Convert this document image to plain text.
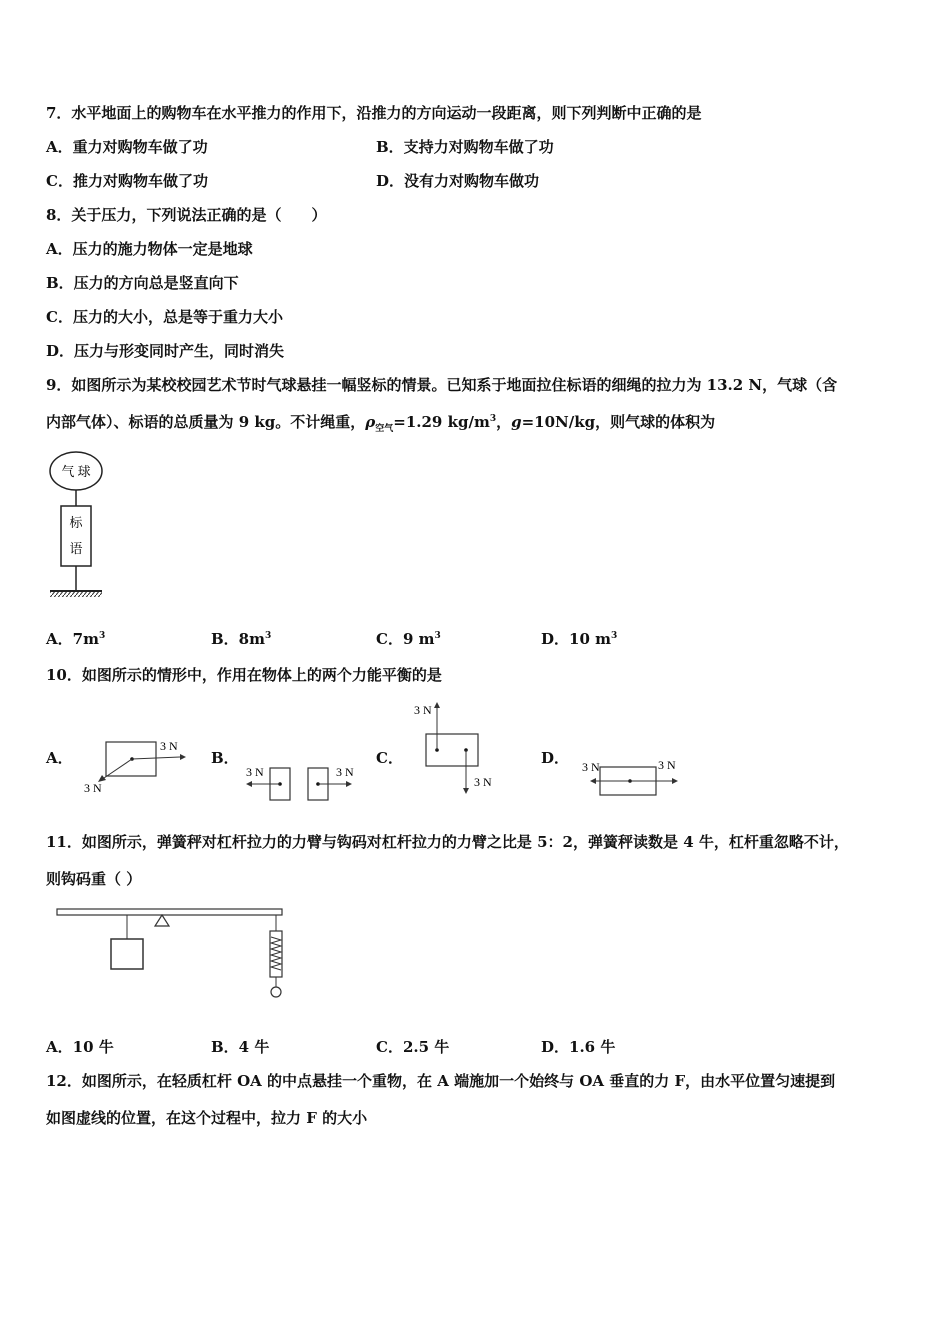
7．水平地面上的购物车在水平推力的作用下，沿推力的方向运动一段距离，则下列判断中正确的是
A．重力对购物车做了功	B．支持力对购物车做了功
C．推力对购物车做了功	D．没有力对购物车做功
8．关于压力，下列说法正确的是（　　）
A．压力的施力物体一定是地球
B．压力的方向总是竖直向下
C．压力的大小，总是等于重力大小
D．压力与形变同时产生，同时消失
9．如图所示为某校校园艺术节时气球悬挂一幅竖标的情景。已知系于地面拉住标语的细绳的拉力为 13.2 N，气球（含
内部气体）、标语的总质量为 9 kg。不计绳重，$\rho_{空气}=1.29$ $kg/m^3$，g=10N/kg，则气球的体积为
气 球
标
语
A．$7m^3$	B．$8m^3$	C．9 $m^3$	D．10 $m^3$
10．如图所示的情形中，作用在物体上的两个力能平衡的是
A．
3 N
3 N
B．
3 N	3 N
C．
3 N
3 N
D． 3 N	3 N
11．如图所示，弹簧秤对杠杆拉力的力臂与钩码对杠杆拉力的力臂之比是 5：2，弹簧秤读数是 4 牛，杠杆重忽略不计，
则钩码重（ ）
A．10 牛	B．4 牛	C．2.5 牛	D．1.6 牛
12．如图所示，在轻质杠杆 OA 的中点悬挂一个重物，在 A 端施加一个始终与 OA 垂直的力 F，由水平位置匀速提到
如图虚线的位置，在这个过程中，拉力 F 的大小
